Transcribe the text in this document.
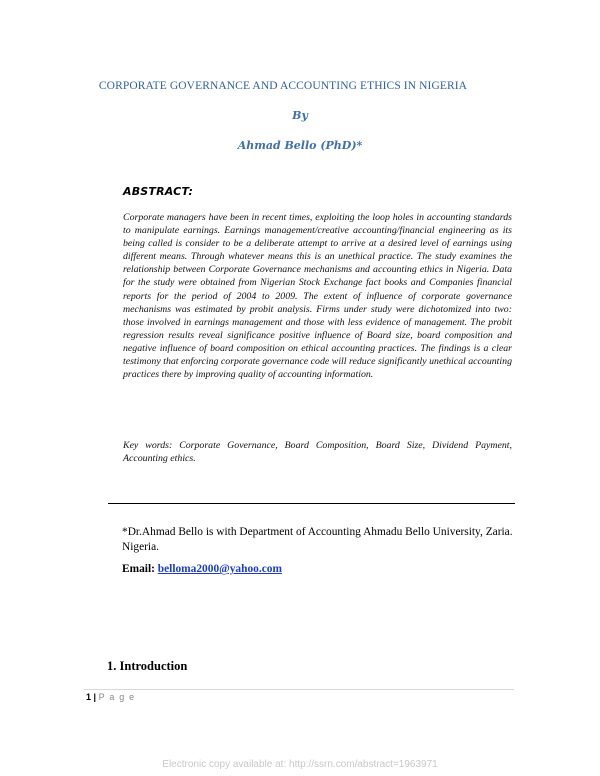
CORPORATE GOVERNANCE AND ACCOUNTING ETHICS IN NIGERIA
By
Ahmad Bello (PhD)*
ABSTRACT:
Corporate managers have been in recent times, exploiting the loop holes in accounting standards to manipulate earnings. Earnings management/creative accounting/financial engineering as its being called is consider to be a deliberate attempt to arrive at a desired level of earnings using different means. Through whatever means this is an unethical practice. The study examines the relationship between Corporate Governance mechanisms and accounting ethics in Nigeria. Data for the study were obtained from Nigerian Stock Exchange fact books and Companies financial reports for the period of 2004 to 2009. The extent of influence of corporate governance mechanisms was estimated by probit analysis. Firms under study were dichotomized into two: those involved in earnings management and those with less evidence of management. The probit regression results reveal significance positive influence of Board size, board composition and negative influence of board composition on ethical accounting practices. The findings is a clear testimony that enforcing corporate governance code will reduce significantly unethical accounting practices there by improving quality of accounting information.
Key words: Corporate Governance, Board Composition, Board Size, Dividend Payment, Accounting ethics.
*Dr.Ahmad Bello is with Department of Accounting Ahmadu Bello University, Zaria. Nigeria.
Email: belloma2000@yahoo.com
1. Introduction
1 | P a g e
Electronic copy available at: http://ssrn.com/abstract=1963971
